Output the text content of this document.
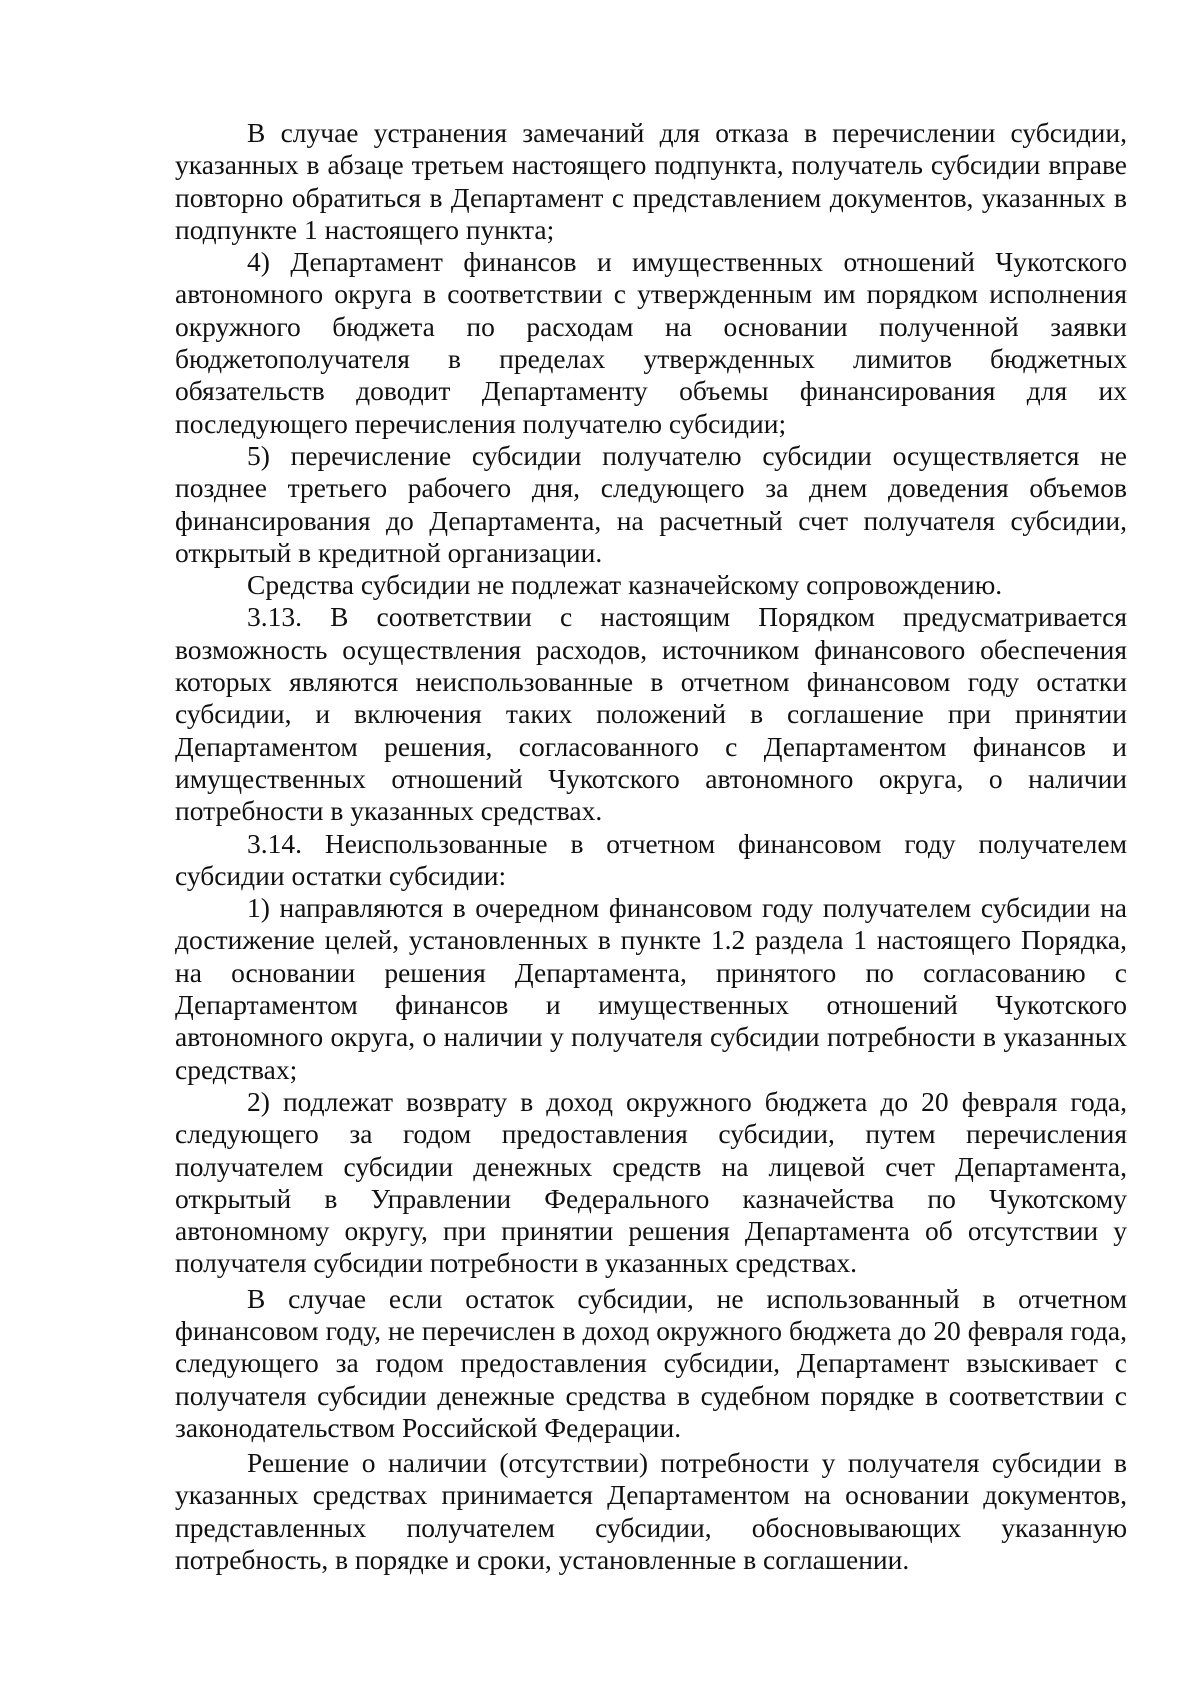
В случае устранения замечаний для отказа в перечислении субсидии, указанных в абзаце третьем настоящего подпункта, получатель субсидии вправе повторно обратиться в Департамент с представлением документов, указанных в подпункте 1 настоящего пункта;

4) Департамент финансов и имущественных отношений Чукотского автономного округа в соответствии с утвержденным им порядком исполнения окружного бюджета по расходам на основании полученной заявки бюджетополучателя в пределах утвержденных лимитов бюджетных обязательств доводит Департаменту объемы финансирования для их последующего перечисления получателю субсидии;

5) перечисление субсидии получателю субсидии осуществляется не позднее третьего рабочего дня, следующего за днем доведения объемов финансирования до Департамента, на расчетный счет получателя субсидии, открытый в кредитной организации.

Средства субсидии не подлежат казначейскому сопровождению.

3.13. В соответствии с настоящим Порядком предусматривается возможность осуществления расходов, источником финансового обеспечения которых являются неиспользованные в отчетном финансовом году остатки субсидии, и включения таких положений в соглашение при принятии Департаментом решения, согласованного с Департаментом финансов и имущественных отношений Чукотского автономного округа, о наличии потребности в указанных средствах.

3.14. Неиспользованные в отчетном финансовом году получателем субсидии остатки субсидии:

1) направляются в очередном финансовом году получателем субсидии на достижение целей, установленных в пункте 1.2 раздела 1 настоящего Порядка, на основании решения Департамента, принятого по согласованию с Департаментом финансов и имущественных отношений Чукотского автономного округа, о наличии у получателя субсидии потребности в указанных средствах;

2) подлежат возврату в доход окружного бюджета до 20 февраля года, следующего за годом предоставления субсидии, путем перечисления получателем субсидии денежных средств на лицевой счет Департамента, открытый в Управлении Федерального казначейства по Чукотскому автономному округу, при принятии решения Департамента об отсутствии у получателя субсидии потребности в указанных средствах.

В случае если остаток субсидии, не использованный в отчетном финансовом году, не перечислен в доход окружного бюджета до 20 февраля года, следующего за годом предоставления субсидии, Департамент взыскивает с получателя субсидии денежные средства в судебном порядке в соответствии с законодательством Российской Федерации.

Решение о наличии (отсутствии) потребности у получателя субсидии в указанных средствах принимается Департаментом на основании документов, представленных получателем субсидии, обосновывающих указанную потребность, в порядке и сроки, установленные в соглашении.
